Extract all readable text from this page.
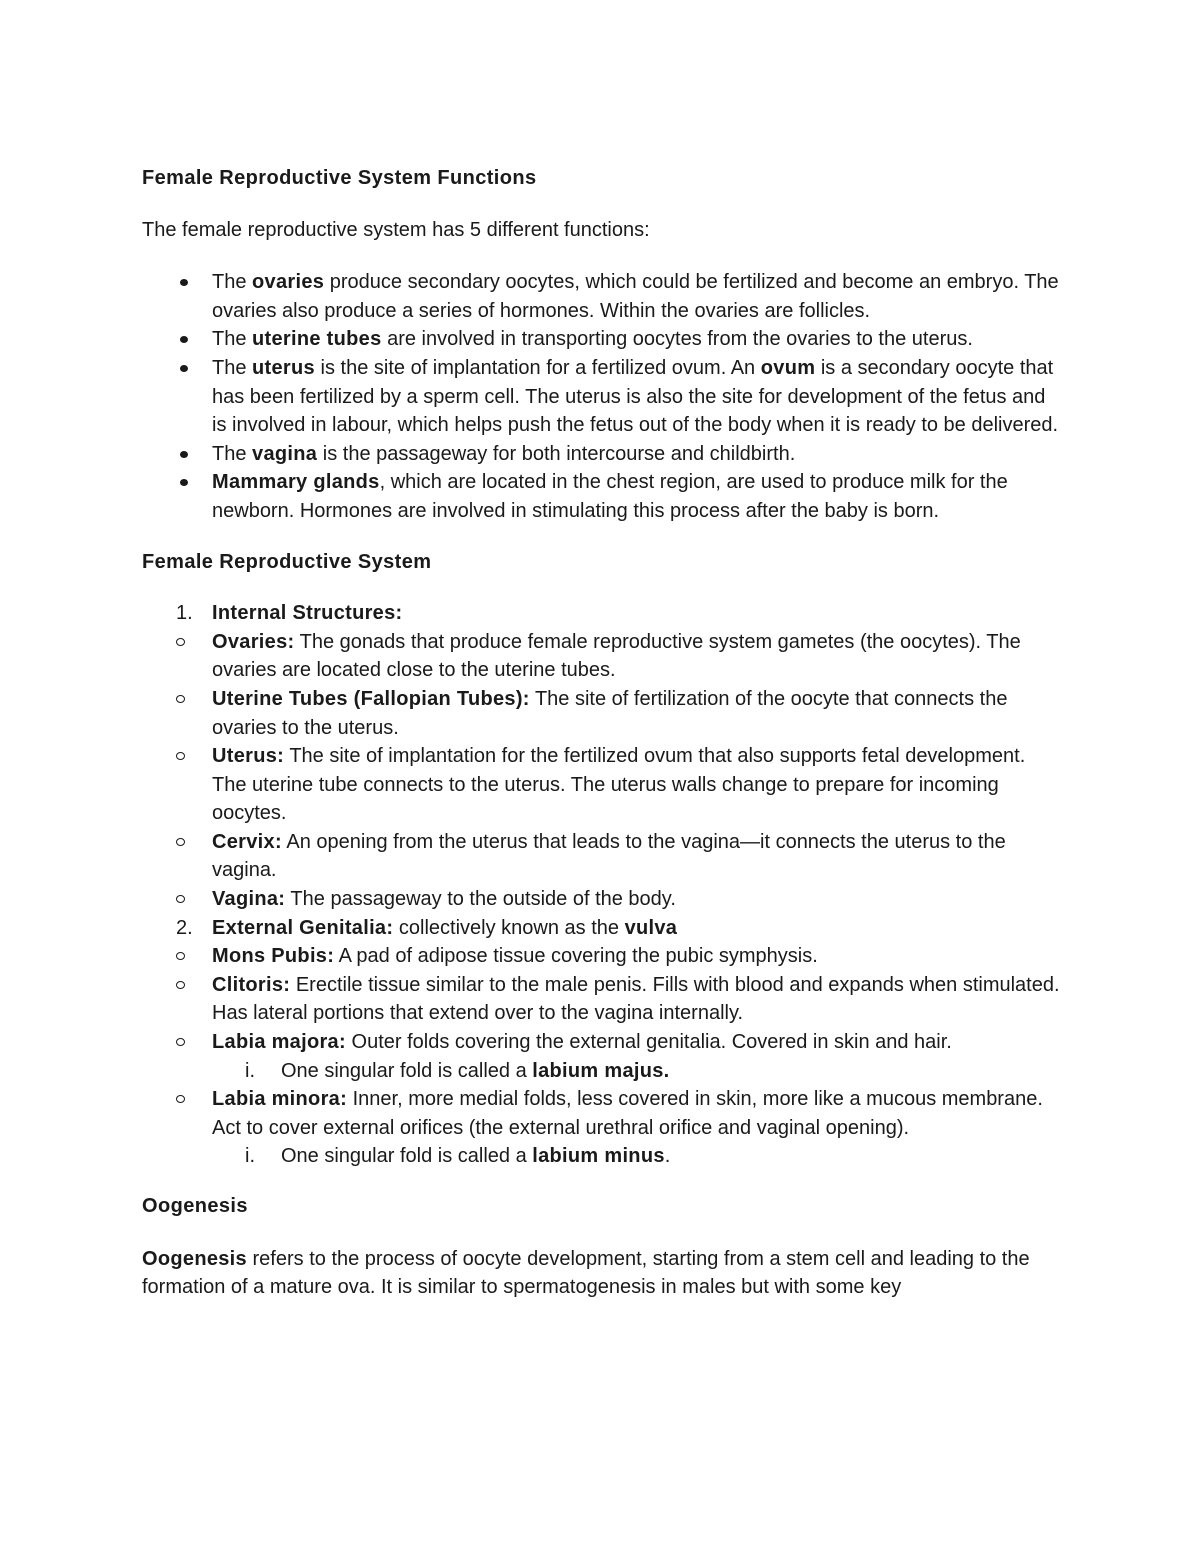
Female Reproductive System Functions

The female reproductive system has 5 different functions:

The ovaries produce secondary oocytes, which could be fertilized and become an embryo. The ovaries also produce a series of hormones. Within the ovaries are follicles.
The uterine tubes are involved in transporting oocytes from the ovaries to the uterus.
The uterus is the site of implantation for a fertilized ovum. An ovum is a secondary oocyte that has been fertilized by a sperm cell. The uterus is also the site for development of the fetus and is involved in labour, which helps push the fetus out of the body when it is ready to be delivered.
The vagina is the passageway for both intercourse and childbirth.
Mammary glands, which are located in the chest region, are used to produce milk for the newborn. Hormones are involved in stimulating this process after the baby is born.
Female Reproductive System
1. Internal Structures:
Ovaries: The gonads that produce female reproductive system gametes (the oocytes). The ovaries are located close to the uterine tubes.
Uterine Tubes (Fallopian Tubes): The site of fertilization of the oocyte that connects the ovaries to the uterus.
Uterus: The site of implantation for the fertilized ovum that also supports fetal development. The uterine tube connects to the uterus. The uterus walls change to prepare for incoming oocytes.
Cervix: An opening from the uterus that leads to the vagina—it connects the uterus to the vagina.
Vagina: The passageway to the outside of the body.
2. External Genitalia: collectively known as the vulva
Mons Pubis: A pad of adipose tissue covering the pubic symphysis.
Clitoris: Erectile tissue similar to the male penis. Fills with blood and expands when stimulated. Has lateral portions that extend over to the vagina internally.
Labia majora: Outer folds covering the external genitalia. Covered in skin and hair.
i. One singular fold is called a labium majus.
Labia minora: Inner, more medial folds, less covered in skin, more like a mucous membrane. Act to cover external orifices (the external urethral orifice and vaginal opening).
i. One singular fold is called a labium minus.
Oogenesis

Oogenesis refers to the process of oocyte development, starting from a stem cell and leading to the formation of a mature ova. It is similar to spermatogenesis in males but with some key
